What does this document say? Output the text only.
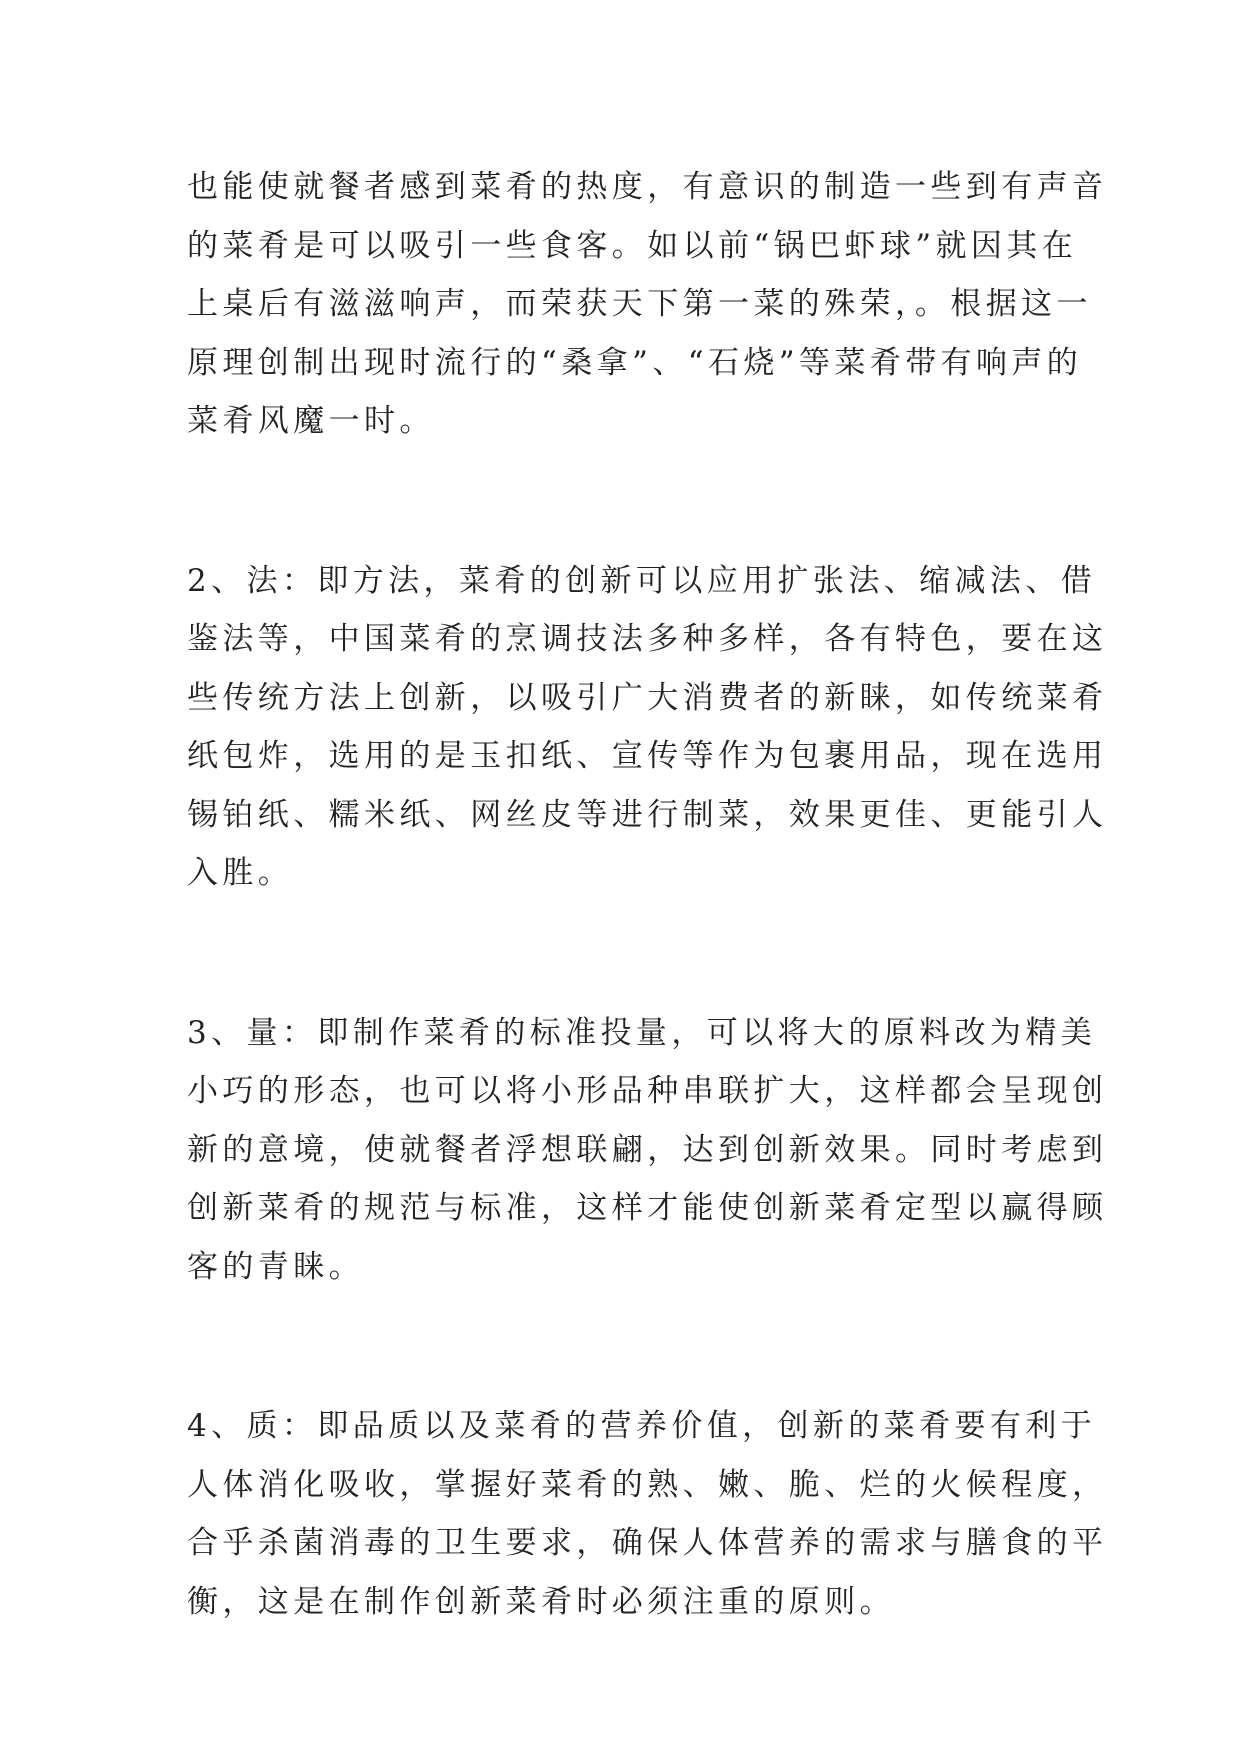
也能使就餐者感到菜肴的热度，有意识的制造一些到有声音
的菜肴是可以吸引一些食客。如以前“锅巴虾球”就因其在
上桌后有滋滋响声，而荣获天下第一菜的殊荣，。根据这一
原理创制出现时流行的“桑拿”、“石烧”等菜肴带有响声的
菜肴风魔一时。
2、法：即方法，菜肴的创新可以应用扩张法、缩减法、借
鉴法等，中国菜肴的烹调技法多种多样，各有特色，要在这
些传统方法上创新，以吸引广大消费者的新睐，如传统菜肴
纸包炸，选用的是玉扣纸、宣传等作为包裹用品，现在选用
锡铂纸、糯米纸、网丝皮等进行制菜，效果更佳、更能引人
入胜。
3、量：即制作菜肴的标准投量，可以将大的原料改为精美
小巧的形态，也可以将小形品种串联扩大，这样都会呈现创
新的意境，使就餐者浮想联翩，达到创新效果。同时考虑到
创新菜肴的规范与标准，这样才能使创新菜肴定型以赢得顾
客的青睐。
4、质：即品质以及菜肴的营养价值，创新的菜肴要有利于
人体消化吸收，掌握好菜肴的熟、嫩、脆、烂的火候程度，
合乎杀菌消毒的卫生要求，确保人体营养的需求与膳食的平
衡，这是在制作创新菜肴时必须注重的原则。
